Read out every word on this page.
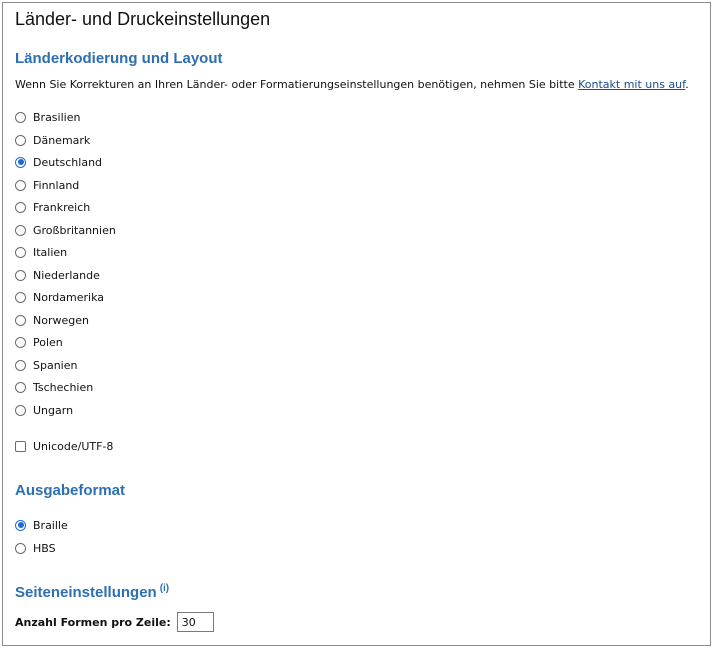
Länder- und Druckeinstellungen
Länderkodierung und Layout
Wenn Sie Korrekturen an Ihren Länder- oder Formatierungseinstellungen benötigen, nehmen Sie bitte Kontakt mit uns auf.
Brasilien
Dänemark
Deutschland
Finnland
Frankreich
Großbritannien
Italien
Niederlande
Nordamerika
Norwegen
Polen
Spanien
Tschechien
Ungarn
Unicode/UTF-8
Ausgabeformat
Braille
HBS
Seiteneinstellungen $^{(i)}$
Anzahl Formen pro Zeile:
30
